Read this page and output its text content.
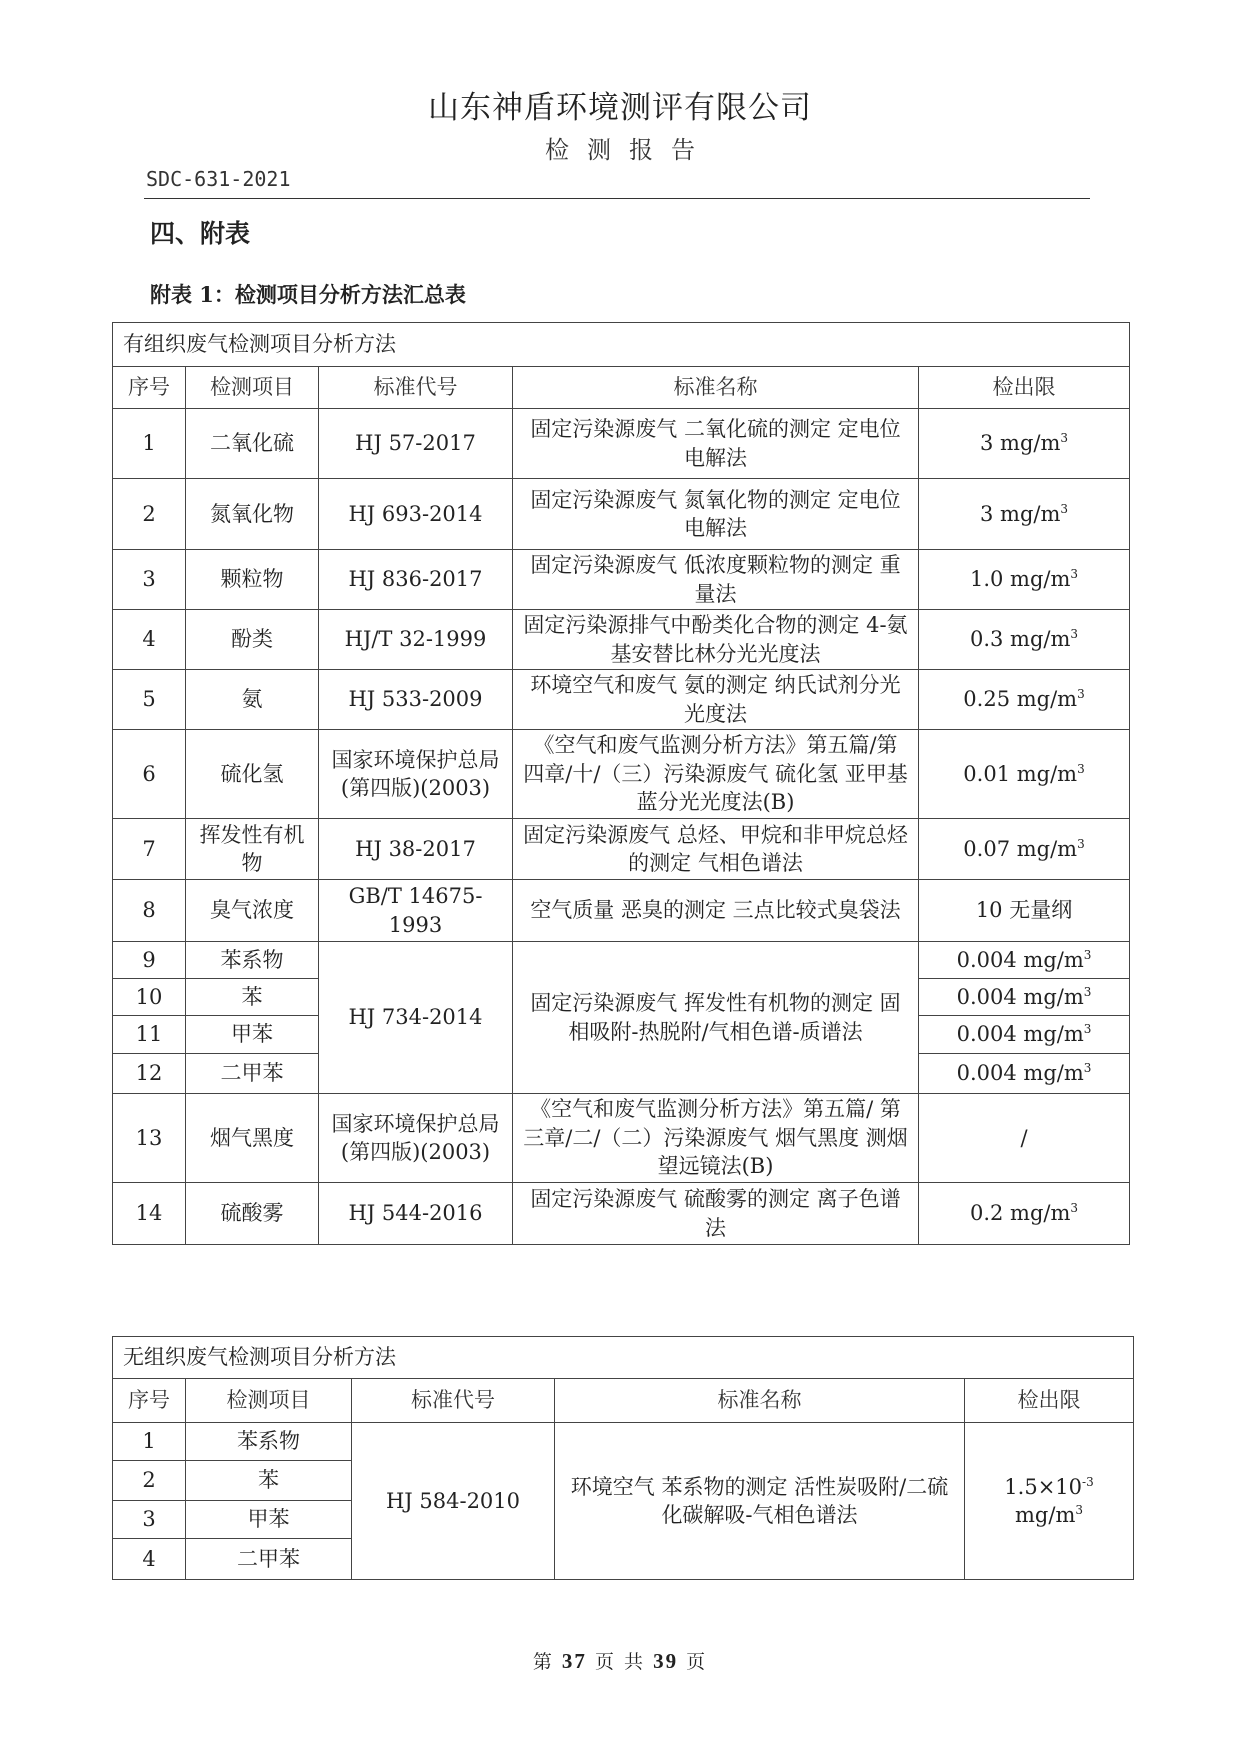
山东神盾环境测评有限公司
检测报告
SDC-631-2021
四、附表
附表 1：检测项目分析方法汇总表
有组织废气检测项目分析方法				
序号	检测项目	标准代号	标准名称	检出限
1	二氧化硫	HJ 57-2017	固定污染源废气 二氧化硫的测定 定电位电解法	3 $mg/m^3$
2	氮氧化物	HJ 693-2014	固定污染源废气 氮氧化物的测定 定电位电解法	3 $mg/m^3$
3	颗粒物	HJ 836-2017	固定污染源废气 低浓度颗粒物的测定 重量法	1.0 $mg/m^3$
4	酚类	HJ/T 32-1999	固定污染源排气中酚类化合物的测定 4-氨基安替比林分光光度法	0.3 $mg/m^3$
5	氨	HJ 533-2009	环境空气和废气 氨的测定 纳氏试剂分光光度法	0.25 $mg/m^3$
6	硫化氢	国家环境保护总局 (第四版)(2003)	《空气和废气监测分析方法》第五篇/第四章/十/（三）污染源废气 硫化氢 亚甲基蓝分光光度法(B)	0.01 $mg/m^3$
7	挥发性有机物	HJ 38-2017	固定污染源废气 总烃、甲烷和非甲烷总烃的测定 气相色谱法	0.07 $mg/m^3$
8	臭气浓度	GB/T 14675-1993	空气质量 恶臭的测定 三点比较式臭袋法	10 无量纲
9	苯系物	HJ 734-2014	固定污染源废气 挥发性有机物的测定 固相吸附-热脱附/气相色谱-质谱法	0.004 $mg/m^3$
10	苯			0.004 $mg/m^3$
11	甲苯			0.004 $mg/m^3$
12	二甲苯			0.004 $mg/m^3$
13	烟气黑度	国家环境保护总局 (第四版)(2003)	《空气和废气监测分析方法》第五篇/ 第三章/二/（二）污染源废气 烟气黑度 测烟望远镜法(B)	/
14	硫酸雾	HJ 544-2016	固定污染源废气 硫酸雾的测定 离子色谱法	0.2 $mg/m^3$
无组织废气检测项目分析方法				
序号	检测项目	标准代号	标准名称	检出限
1	苯系物	HJ 584-2010	环境空气 苯系物的测定 活性炭吸附/二硫化碳解吸-气相色谱法	$1.5\times 10^{-3}$
$mg/m^3$
2	苯			
3	甲苯			
4	二甲苯			
第 37 页 共 39 页
